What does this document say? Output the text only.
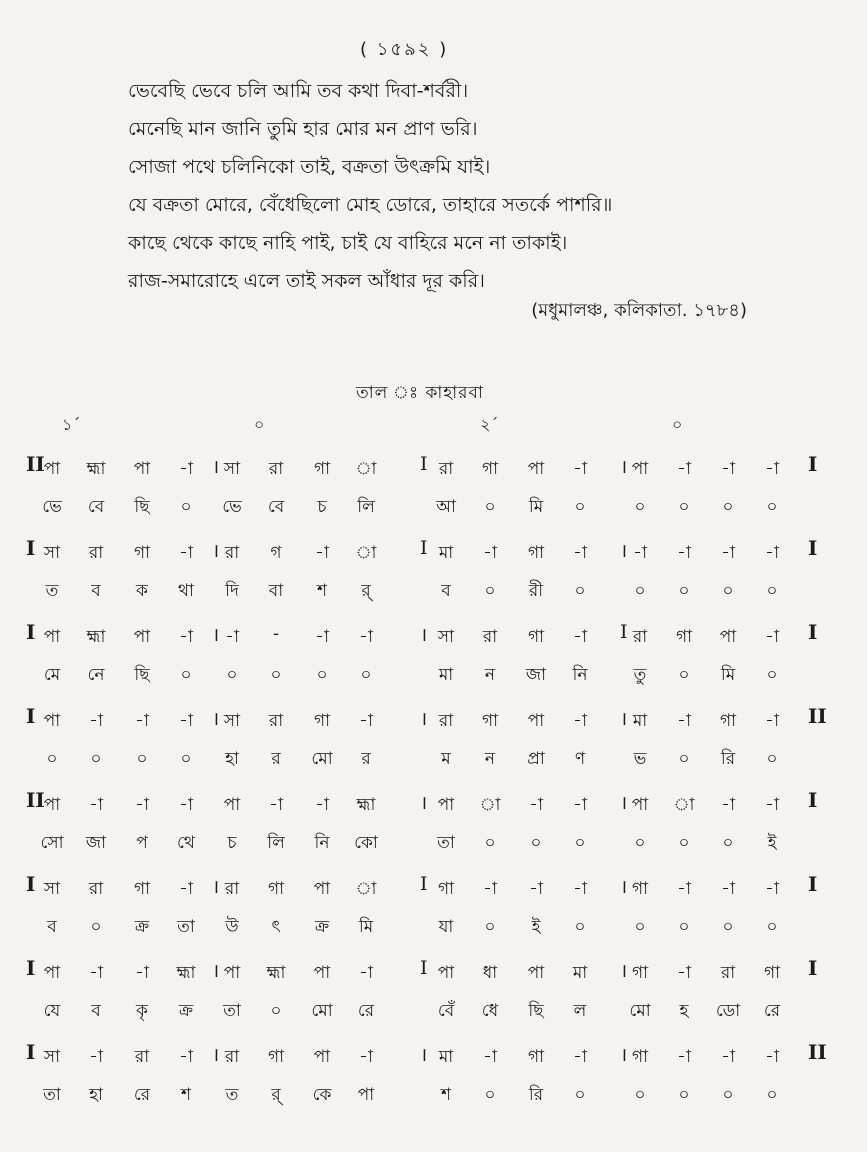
( ১৫৯২ )
ভেবেছি ভেবে চলি আমি তব কথা দিবা-শর্বরী।
মেনেছি মান জানি তুমি হার মোর মন প্রাণ ভরি।
সোজা পথে চলিনিকো তাই, বক্রতা উৎক্রমি যাই।
যে বক্রতা মোরে, বেঁধেছিলো মোহ ডোরে, তাহারে সতর্কে পাশরি॥
কাছে থেকে কাছে নাহি পাই, চাই যে বাহিরে মনে না তাকাই।
রাজ-সমারোহে এলে তাই সকল আঁধার দূর করি।
(মধুমালঞ্চ, কলিকাতা. ১৭৮৪)
তাল ঃ কাহারবা
১´	০	২´	০
II	I
।	I	।
পা	হ্মা	পা	-া	সা	রা	গা	া	রা	গা	পা	-া	পা	-া	-া	-া
ভে	বে	ছি	০	ভে	বে	চ	লি	আ	০	মি	০	০	০	০	০
I	I
।	I	।
সা	রা	গা	-া	রা	গ	-া	া	মা	-া	গা	-া	-া	-া	-া	-া
ত	ব	ক	থা	দি	বা	শ	র্	ব	০	রী	০	০	০	০	০
I	I
।	।	I
পা	হ্মা	পা	-া	-া	-	-া	-া	সা	রা	গা	-া	রা	গা	পা	-া
মে	নে	ছি	০	০	০	০	০	মা	ন	জা	নি	তু	০	মি	০
I	II
।	।	।
পা	-া	-া	-া	সা	রা	গা	-া	রা	গা	পা	-া	মা	-া	গা	-া
০	০	০	০	হা	র	মো	র	ম	ন	প্রা	ণ	ভ	০	রি	০
II	I
।	।
পা	-া	-া	-া	পা	-া	-া	হ্মা	পা	া	-া	-া	পা	া	-া	-া
সো	জা	প	থে	চ	লি	নি	কো	তা	০	০	০	০	০	০	ই
I	I
।	I	।
সা	রা	গা	-া	রা	গা	পা	া	গা	-া	-া	-া	গা	-া	-া	-া
ব	০	ক্র	তা	উ	ৎ	ক্র	মি	যা	০	ই	০	০	০	০	০
I	I
।	I	।
পা	-া	-া	হ্মা	পা	হ্মা	পা	-া	পা	ধা	পা	মা	গা	-া	রা	গা
যে	ব	কৃ	ক্র	তা	০	মো	রে	বেঁ	ধে	ছি	ল	মো	হ	ডো	রে
I	II
।	।	।
সা	-া	রা	-া	রা	গা	পা	-া	মা	-া	গা	-া	গা	-া	-া	-া
তা	হা	রে	শ	ত	র্	কে	পা	শ	০	রি	০	০	০	০	০
